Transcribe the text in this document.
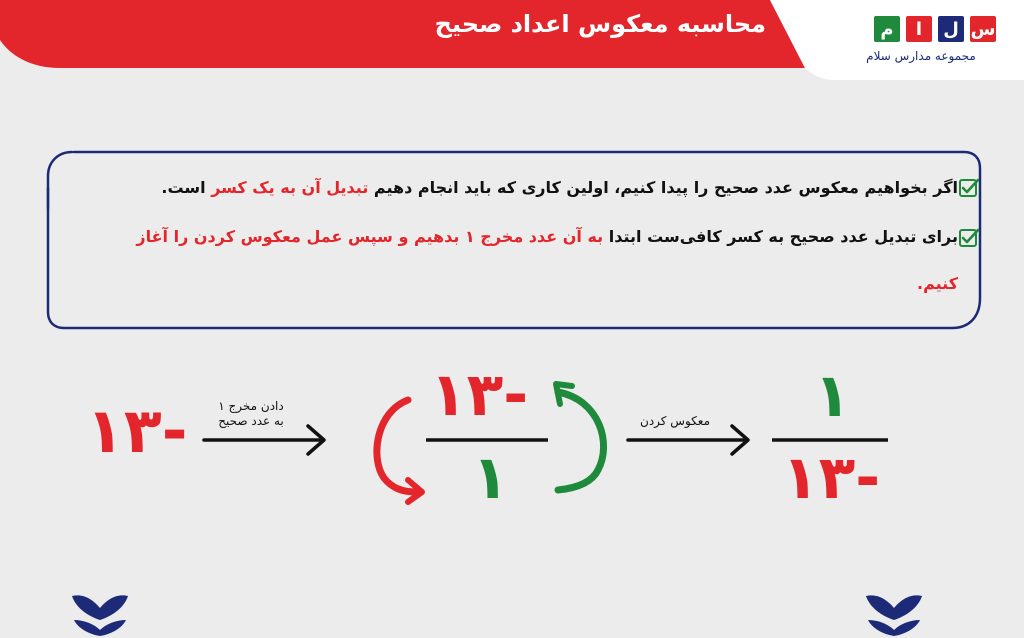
محاسبه معکوس اعداد صحیح	س
ل
ا
م
مجموعه مدارس سلام
اگر بخواهیم معکوس عدد صحیح را پیدا کنیم، اولین کاری که باید انجام دهیم تبدیل آن به یک کسر است.
برای تبدیل عدد صحیح به کسر کافی‌ست ابتدا به آن عدد مخرج ۱ بدهیم و سپس عمل معکوس کردن را آغاز
کنیم.
-۱۳	دادن مخرج ۱
به عدد صحیح	-۱۳
۱
معکوس کردن	۱
-۱۳
